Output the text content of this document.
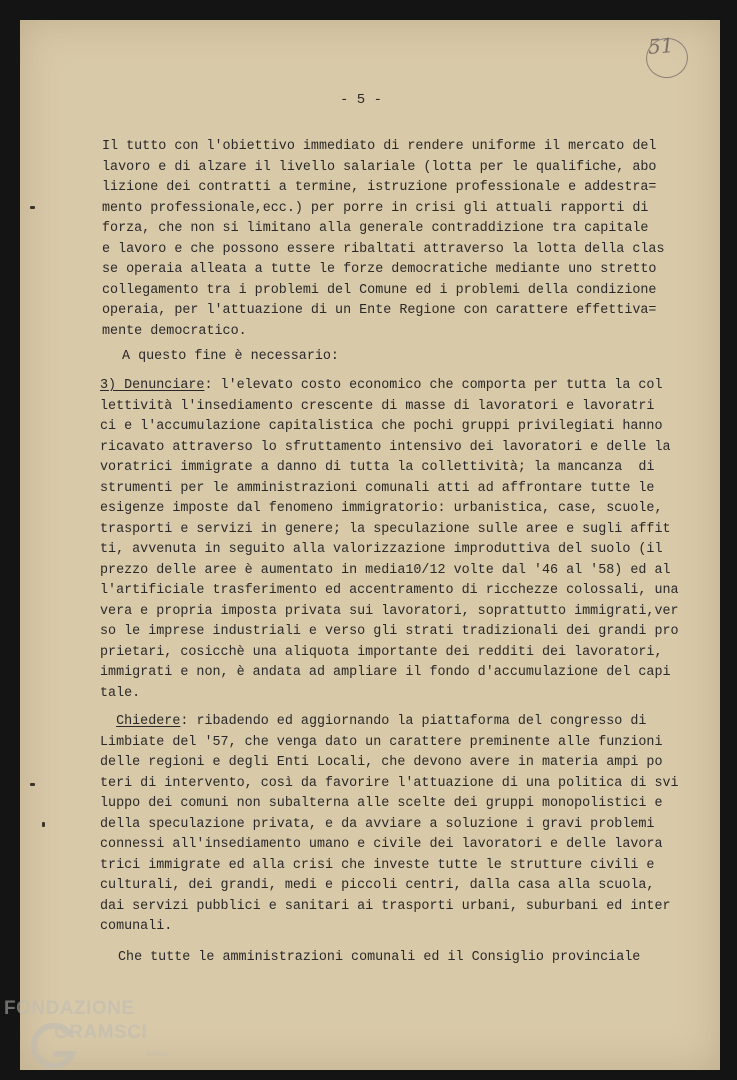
51
- 5 -
Il tutto con l'obiettivo immediato di rendere uniforme il mercato del
lavoro e di alzare il livello salariale (lotta per le qualifiche, abo
lizione dei contratti a termine, istruzione professionale e addestra=
mento professionale,ecc.) per porre in crisi gli attuali rapporti di
forza, che non si limitano alla generale contraddizione tra capitale
e lavoro e che possono essere ribaltati attraverso la lotta della clas
se operaia alleata a tutte le forze democratiche mediante uno stretto
collegamento tra i problemi del Comune ed i problemi della condizione
operaia, per l'attuazione di un Ente Regione con carattere effettiva=
mente democratico.
A questo fine è necessario:
3) Denunciare: l'elevato costo economico che comporta per tutta la col
lettività l'insediamento crescente di masse di lavoratori e lavoratri
ci e l'accumulazione capitalistica che pochi gruppi privilegiati hanno
ricavato attraverso lo sfruttamento intensivo dei lavoratori e delle la
voratrici immigrate a danno di tutta la collettività; la mancanza  di
strumenti per le amministrazioni comunali atti ad affrontare tutte le
esigenze imposte dal fenomeno immigratorio: urbanistica, case, scuole,
trasporti e servizi in genere; la speculazione sulle aree e sugli affit
ti, avvenuta in seguito alla valorizzazione improduttiva del suolo (il
prezzo delle aree è aumentato in media10/12 volte dal '46 al '58) ed al
l'artificiale trasferimento ed accentramento di ricchezze colossali, una
vera e propria imposta privata sui lavoratori, soprattutto immigrati,ver
so le imprese industriali e verso gli strati tradizionali dei grandi pro
prietari, cosicchè una aliquota importante dei redditi dei lavoratori,
immigrati e non, è andata ad ampliare il fondo d'accumulazione del capi
tale.
Chiedere: ribadendo ed aggiornando la piattaforma del congresso di
Limbiate del '57, che venga dato un carattere preminente alle funzioni
delle regioni e degli Enti Locali, che devono avere in materia ampi po
teri di intervento, così da favorire l'attuazione di una politica di svi
luppo dei comuni non subalterna alle scelte dei gruppi monopolistici e
della speculazione privata, e da avviare a soluzione i gravi problemi
connessi all'insediamento umano e civile dei lavoratori e delle lavora
trici immigrate ed alla crisi che investe tutte le strutture civili e
culturali, dei grandi, medi e piccoli centri, dalla casa alla scuola,
dai servizi pubblici e sanitari ai trasporti urbani, suburbani ed inter
comunali.
Che tutte le amministrazioni comunali ed il Consiglio provinciale
FONDAZIONE
GRAMSCI
onlus
